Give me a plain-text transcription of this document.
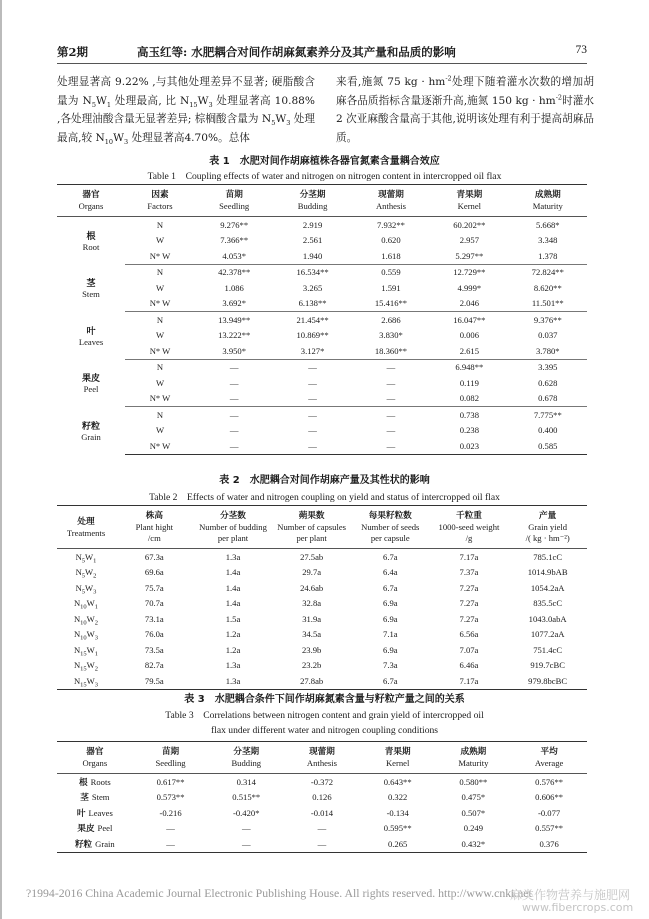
第2期	高玉红等: 水肥耦合对间作胡麻氮素养分及其产量和品质的影响	73
处理显著高 9.22% ,与其他处理差异不显著; 硬脂酸含量为 $N_5W_1$ 处理最高, 比 $N_{15}W_3$ 处理显著高 10.88% ,各处理油酸含量无显著差异; 棕榈酸含量为 $N_5W_3$ 处理最高,较 $N_{10}W_3$ 处理显著高4.70%。总体
来看,施氮 75 kg · $hm^{-2}$处理下随着灌水次数的增加胡麻各品质指标含量逐渐升高,施氮 150 kg · $hm^{-2}$时灌水 2 次亚麻酸含量高于其他,说明该处理有利于提高胡麻品质。
表 1　水肥对间作胡麻植株各器官氮素含量耦合效应
Table 1　Coupling effects of water and nitrogen on nitrogen content in intercropped oil flax
器官
Organs	因素
Factors	苗期
Seedling	分茎期
Budding	现蕾期
Anthesis	青果期
Kernel	成熟期
Maturity

根
Root	N	9.276**	2.919	7.932**	60.202**	5.668*
	W	7.366**	2.561	0.620	2.957	3.348
	N* W	4.053*	1.940	1.618	5.297**	1.378

茎
Stem	N	42.378**	16.534**	0.559	12.729**	72.824**
	W	1.086	3.265	1.591	4.999*	8.620**
	N* W	3.692*	6.138**	15.416**	2.046	11.501**

叶
Leaves	N	13.949**	21.454**	2.686	16.047**	9.376**
	W	13.222**	10.869**	3.830*	0.006	0.037
	N* W	3.950*	3.127*	18.360**	2.615	3.780*

果皮
Peel	N	—	—	—	6.948**	3.395
	W	—	—	—	0.119	0.628
	N* W	—	—	—	0.082	0.678

籽粒
Grain	N	—	—	—	0.738	7.775**
	W	—	—	—	0.238	0.400
	N* W	—	—	—	0.023	0.585
表 2　水肥耦合对间作胡麻产量及其性状的影响
Table 2　Effects of water and nitrogen coupling on yield and status of intercropped oil flax
处理
Treatments	株高
Plant hight
/cm	分茎数
Number of budding
per plant	蒴果数
Number of capsules
per plant	每果籽粒数
Number of seeds
per capsule	千粒重
1000-seed weight
/g	产量
Grain yield
/( kg · hm⁻²)

$N_5W_1$	67.3a	1.3a	27.5ab	6.7a	7.17a	785.1cC
$N_5W_2$	69.6a	1.4a	29.7a	6.4a	7.37a	1014.9bAB
$N_5W_3$	75.7a	1.4a	24.6ab	6.7a	7.27a	1054.2aA
$N_{10}W_1$	70.7a	1.4a	32.8a	6.9a	7.27a	835.5cC
$N_{10}W_2$	73.1a	1.5a	31.9a	6.9a	7.27a	1043.0abA
$N_{10}W_3$	76.0a	1.2a	34.5a	7.1a	6.56a	1077.2aA
$N_{15}W_1$	73.5a	1.2a	23.9b	6.9a	7.07a	751.4cC
$N_{15}W_2$	82.7a	1.3a	23.2b	7.3a	6.46a	919.7cBC
$N_{15}W_3$	79.5a	1.3a	27.8ab	6.7a	7.17a	979.8bcBC
表 3　水肥耦合条件下间作胡麻氮素含量与籽粒产量之间的关系
Table 3　Correlations between nitrogen content and grain yield of intercropped oil
flax under different water and nitrogen coupling conditions
器官
Organs	苗期
Seedling	分茎期
Budding	现蕾期
Anthesis	青果期
Kernel	成熟期
Maturity	平均
Average
根 Roots	0.617**	0.314	-0.372	0.643**	0.580**	0.576**
茎 Stem	0.573**	0.515**	0.126	0.322	0.475*	0.606**
叶 Leaves	-0.216	-0.420*	-0.014	-0.134	0.507*	-0.077
果皮 Peel	—	—	—	0.595**	0.249	0.557**
籽粒 Grain	—	—	—	0.265	0.432*	0.376
?1994-2016 China Academic Journal Electronic Publishing House. All rights reserved. http://www.cnki.net
麻类作物营养与施肥网
www.fibercrops.com
